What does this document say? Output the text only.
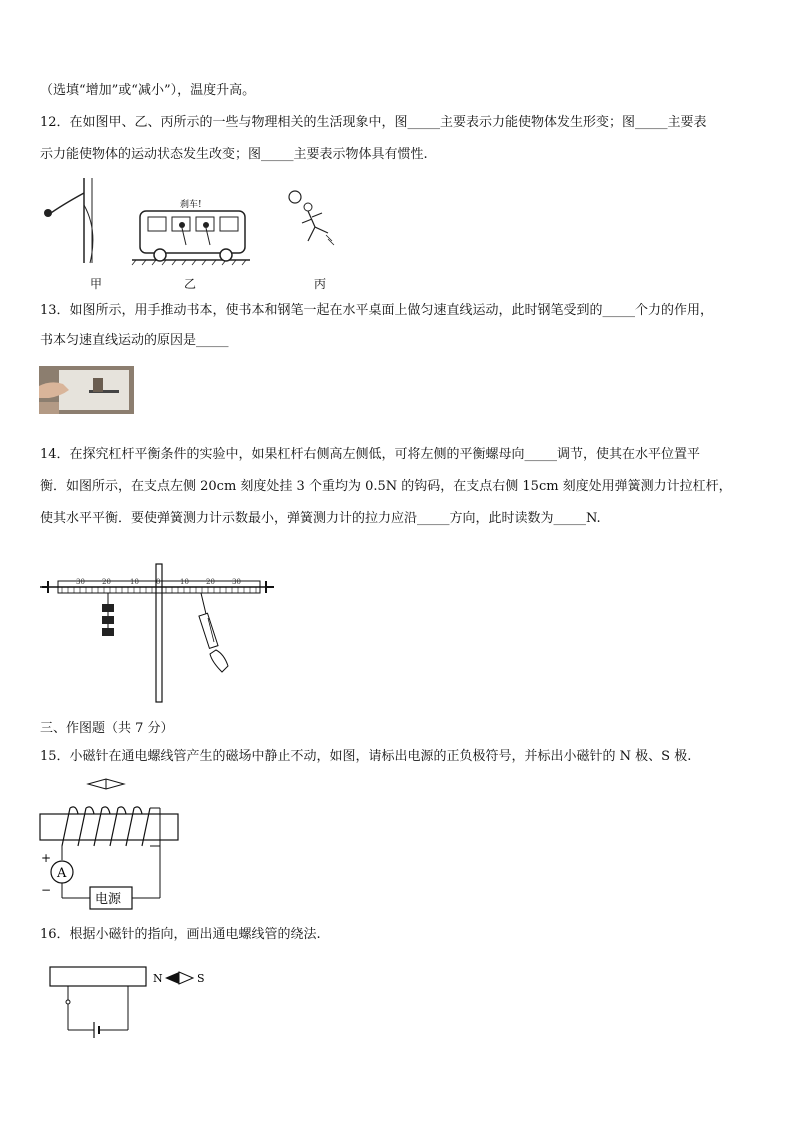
（选填“增加”或“减小”），温度升高。
12．在如图甲、乙、丙所示的一些与物理相关的生活现象中，图_____主要表示力能使物体发生形变；图_____主要表
示力能使物体的运动状态发生改变；图_____主要表示物体具有惯性.
刹车!
甲	乙	丙
13．如图所示，用手推动书本，使书本和钢笔一起在水平桌面上做匀速直线运动，此时钢笔受到的_____个力的作用，
书本匀速直线运动的原因是_____
14．在探究杠杆平衡条件的实验中，如果杠杆右侧高左侧低，可将左侧的平衡螺母向_____调节，使其在水平位置平
衡．如图所示，在支点左侧 20cm 刻度处挂 3 个重均为 0.5N 的钩码，在支点右侧 15cm 刻度处用弹簧测力计拉杠杆，
使其水平平衡．要使弹簧测力计示数最小，弹簧测力计的拉力应沿_____方向，此时读数为_____N.
30 20	10 0	10 20 30
三、作图题（共 7 分）
15．小磁针在通电螺线管产生的磁场中静止不动，如图，请标出电源的正负极符号，并标出小磁针的 N 极、S 极.
A
+
−
电源
16．根据小磁针的指向，画出通电螺线管的绕法.
N	S
